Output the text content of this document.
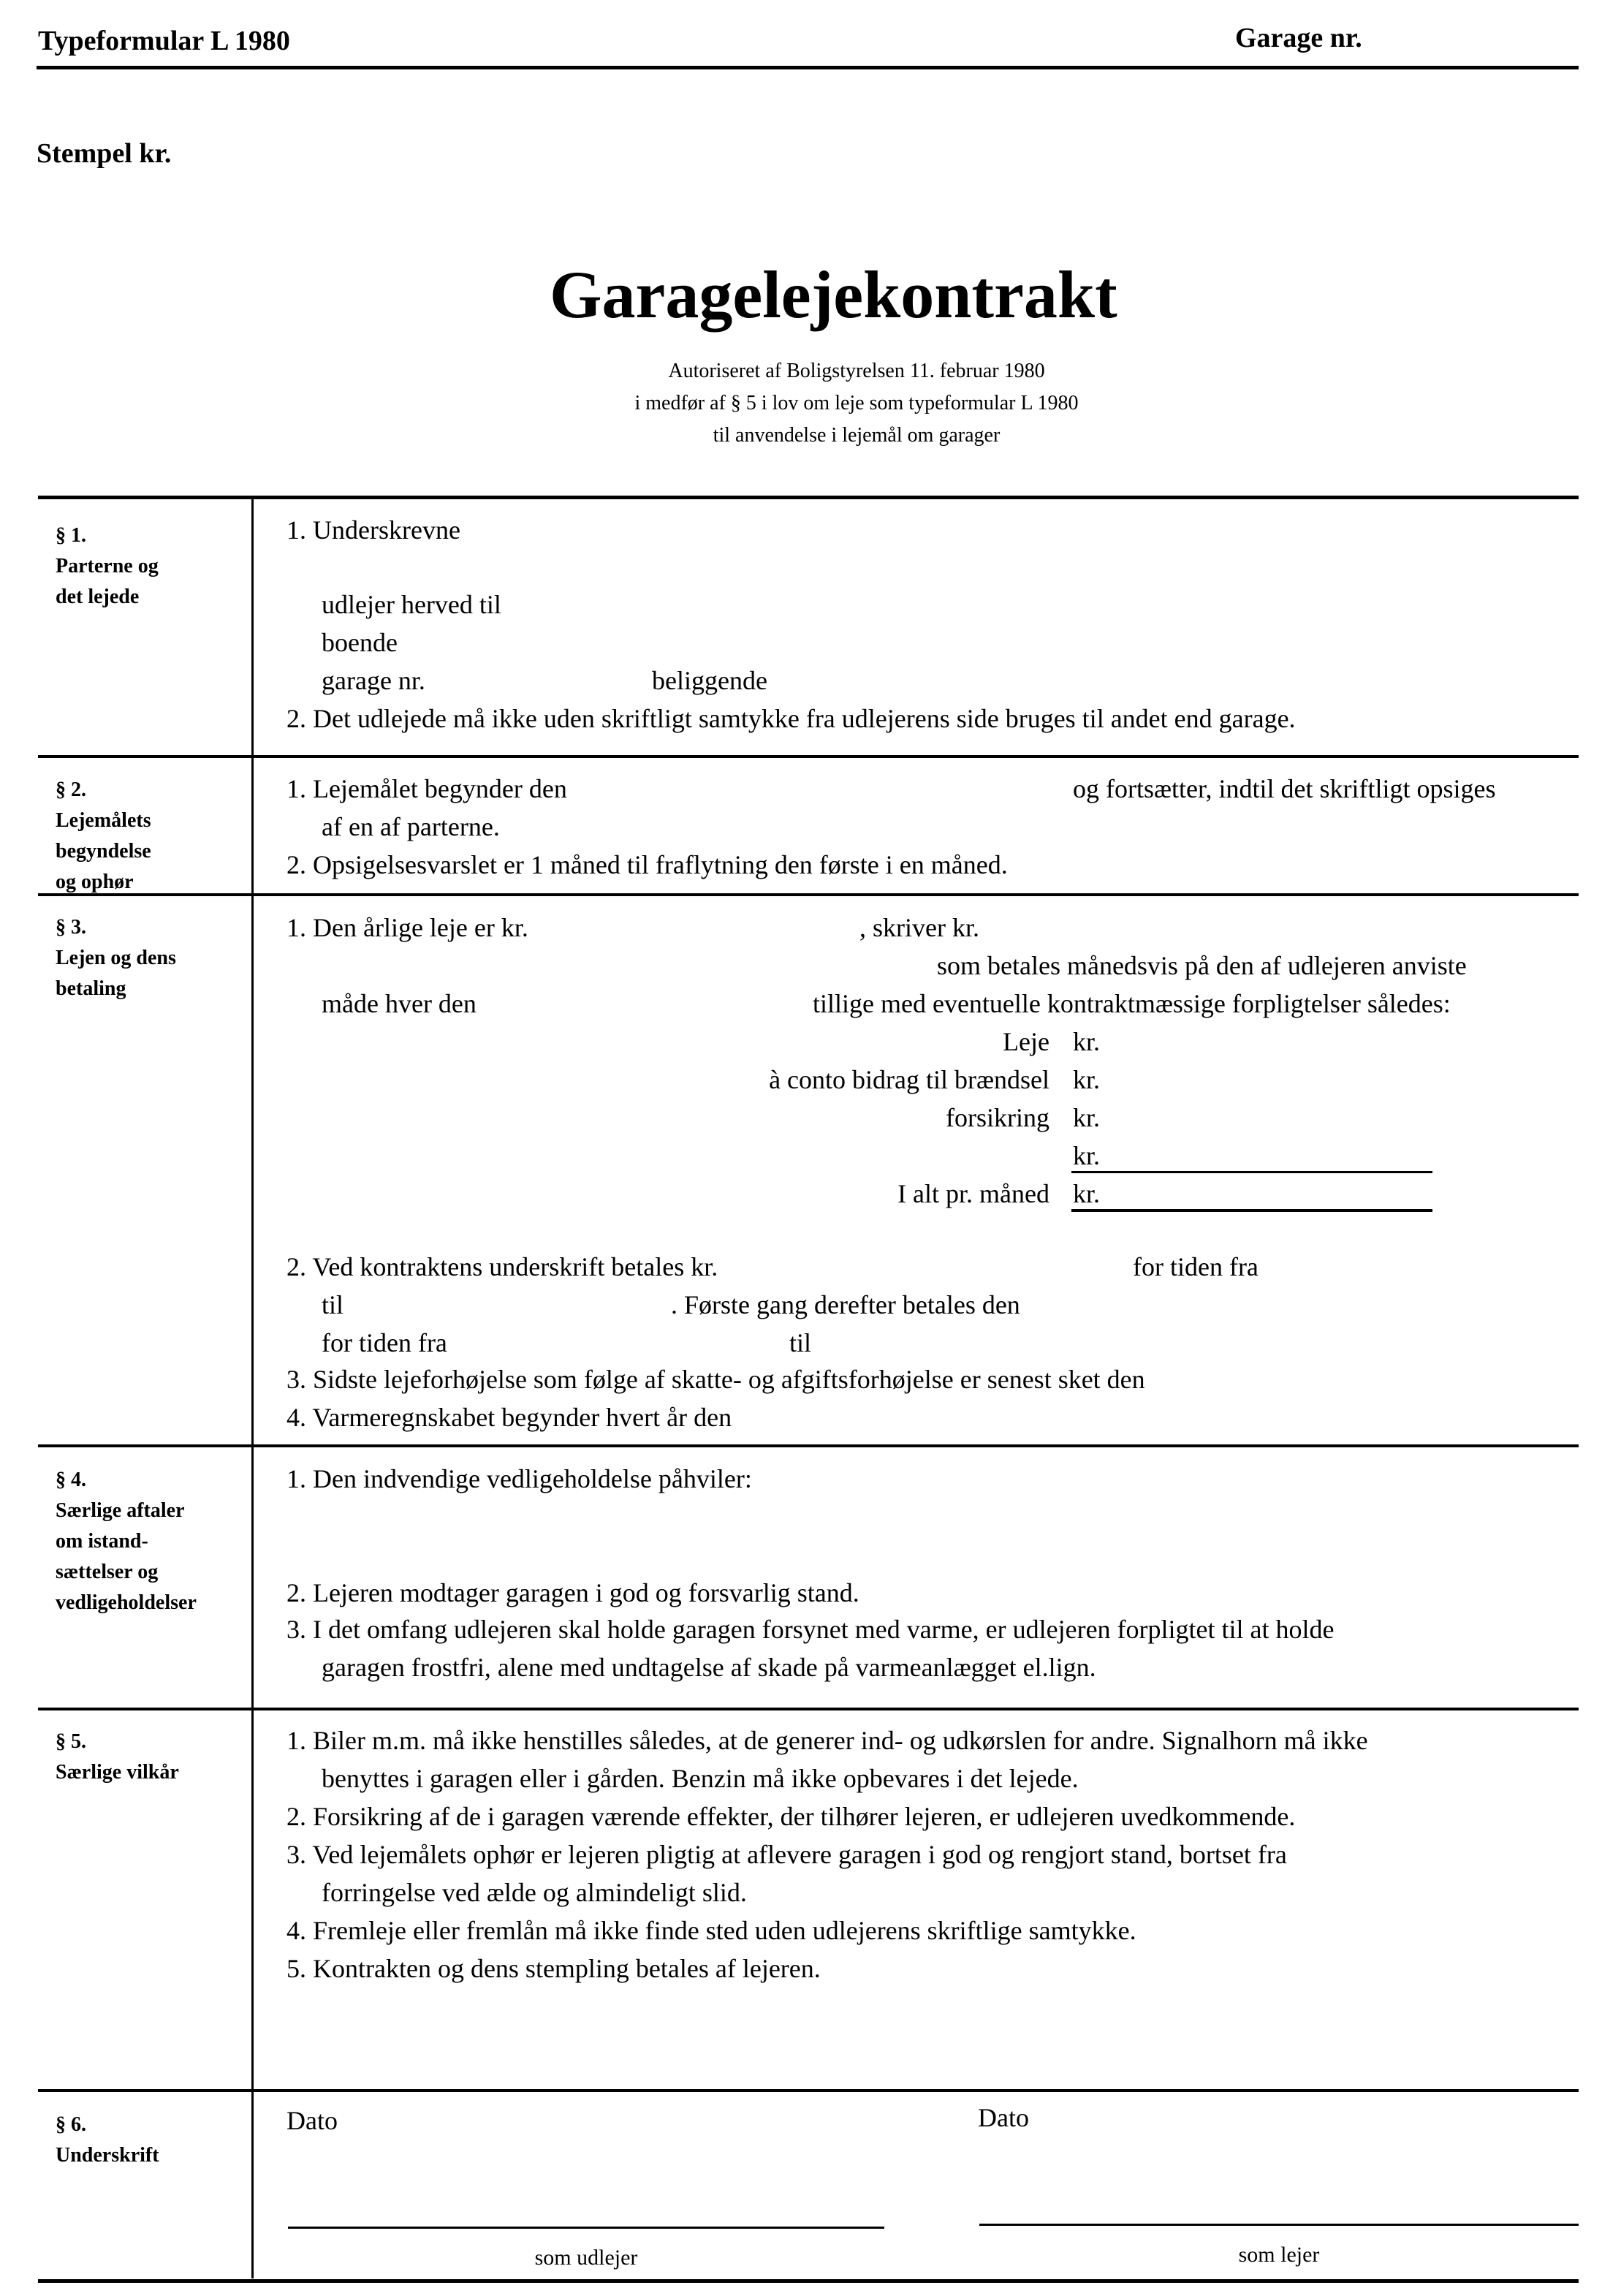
Typeformular L 1980	Garage nr.
Stempel kr.
Garagelejekontrakt
Autoriseret af Boligstyrelsen 11. februar 1980
i medfør af § 5 i lov om leje som typeformular L 1980
til anvendelse i lejemål om garager
§ 1.
Parterne og
det lejede
1. Underskrevne
udlejer herved til
boende
garage nr.	beliggende
2. Det udlejede må ikke uden skriftligt samtykke fra udlejerens side bruges til andet end garage.
§ 2.
Lejemålets
begyndelse
og ophør
1. Lejemålet begynder den	og fortsætter, indtil det skriftligt opsiges
af en af parterne.
2. Opsigelsesvarslet er 1 måned til fraflytning den første i en måned.
§ 3.
Lejen og dens
betaling
1. Den årlige leje er kr.	, skriver kr.
som betales månedsvis på den af udlejeren anviste
måde hver den	tillige med eventuelle kontraktmæssige forpligtelser således:
Leje kr.
à conto bidrag til brændsel kr.
forsikring kr.
kr.
I alt pr. måned kr.
2. Ved kontraktens underskrift betales kr.	for tiden fra
til	. Første gang derefter betales den
for tiden fra	til
3. Sidste lejeforhøjelse som følge af skatte- og afgiftsforhøjelse er senest sket den
4. Varmeregnskabet begynder hvert år den
§ 4.
Særlige aftaler
om istand-
sættelser og
vedligeholdelser
1. Den indvendige vedligeholdelse påhviler:
2. Lejeren modtager garagen i god og forsvarlig stand.
3. I det omfang udlejeren skal holde garagen forsynet med varme, er udlejeren forpligtet til at holde
garagen frostfri, alene med undtagelse af skade på varmeanlægget el.lign.
§ 5.
Særlige vilkår
1. Biler m.m. må ikke henstilles således, at de generer ind- og udkørslen for andre. Signalhorn må ikke
benyttes i garagen eller i gården. Benzin må ikke opbevares i det lejede.
2. Forsikring af de i garagen værende effekter, der tilhører lejeren, er udlejeren uvedkommende.
3. Ved lejemålets ophør er lejeren pligtig at aflevere garagen i god og rengjort stand, bortset fra
forringelse ved ælde og almindeligt slid.
4. Fremleje eller fremlån må ikke finde sted uden udlejerens skriftlige samtykke.
5. Kontrakten og dens stempling betales af lejeren.
§ 6.
Underskrift
Dato	Dato
som udlejer	som lejer
